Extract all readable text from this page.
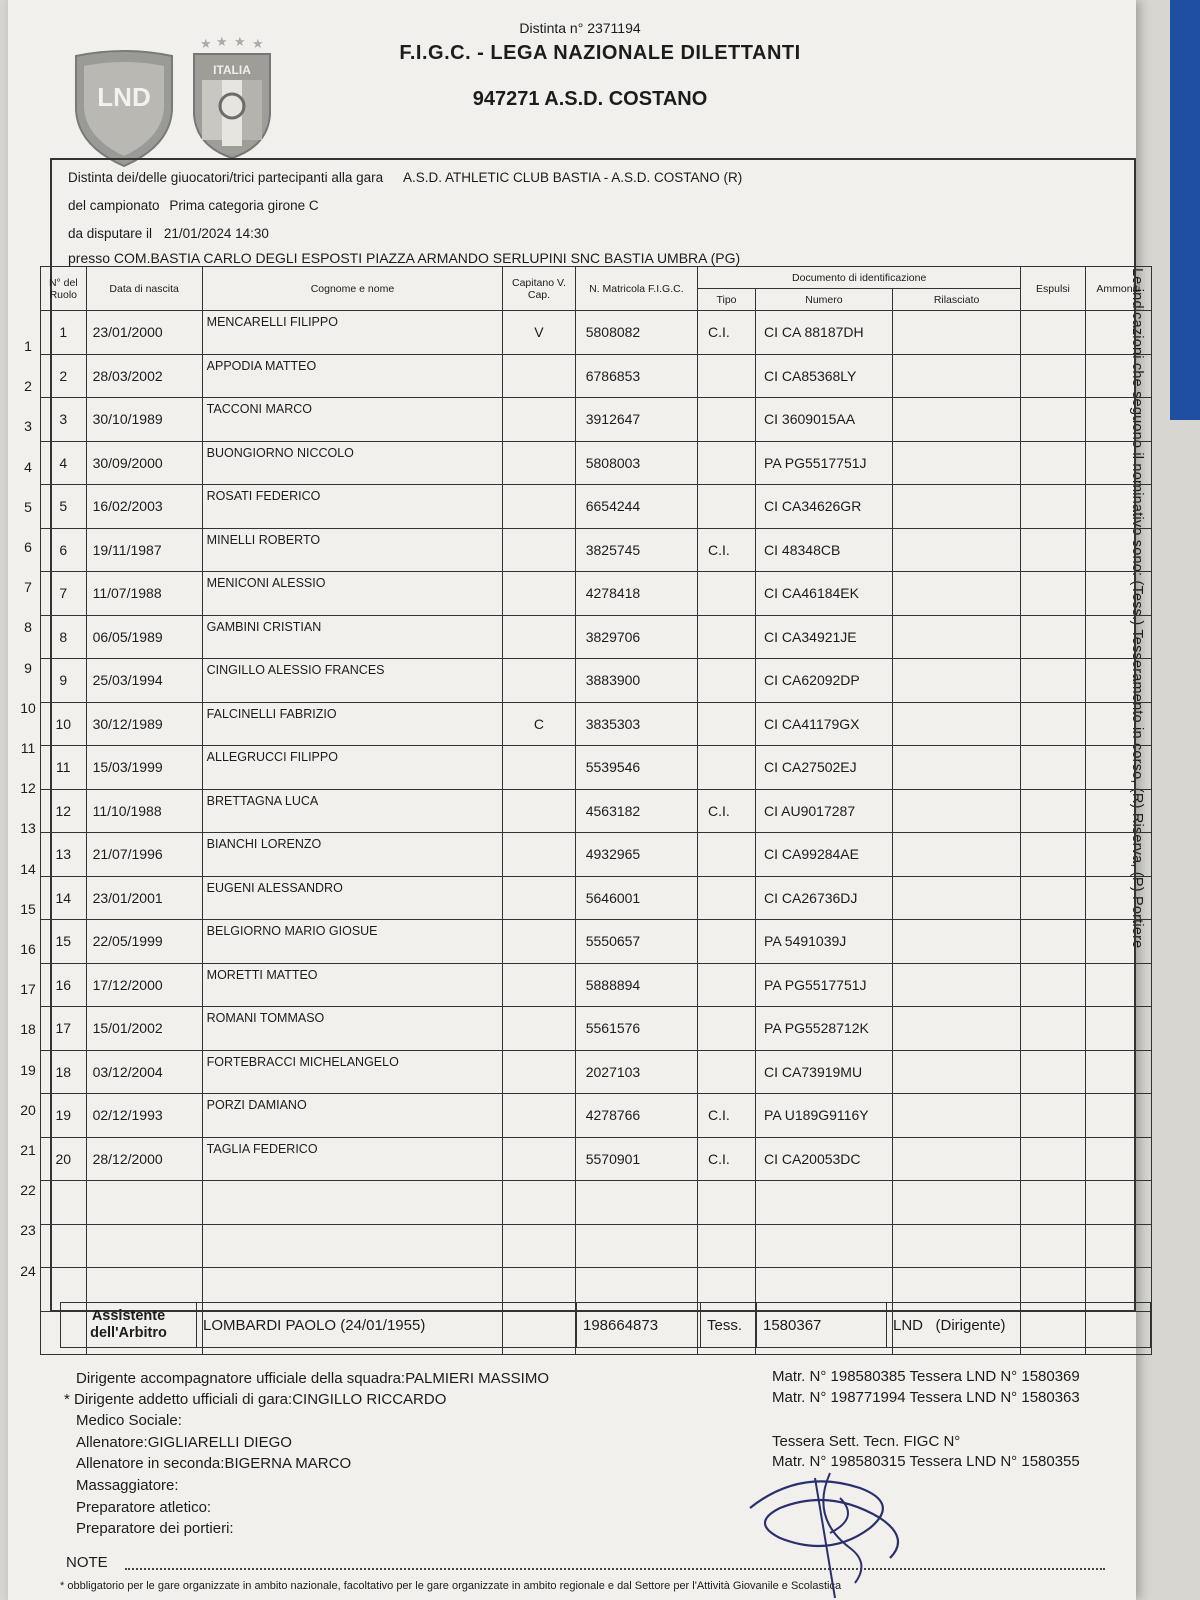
LND
★ ★ ★ ★
ITALIA
Distinta n° 2371194
F.I.G.C. - LEGA NAZIONALE DILETTANTI
947271 A.S.D. COSTANO
Le indicazioni che seguono il nominativo sono: (Tess.) Tesseramento in corso, (R) Riserva, (P) Portiere
Distinta dei/delle giuocatori/trici partecipanti alla gara A.S.D. ATHLETIC CLUB BASTIA - A.S.D. COSTANO (R)
del campionato Prima categoria girone C
da disputare il 21/01/2024 14:30
presso COM.BASTIA CARLO DEGLI ESPOSTI PIAZZA ARMANDO SERLUPINI SNC BASTIA UMBRA (PG)
N° del Ruolo	Data di nascita	Cognome e nome	Capitano V. Cap.	N. Matricola F.I.G.C.	Documento di identificazione			Espulsi	Ammoniti
					Tipo	Numero	Rilasciato		
1	23/01/2000	MENCARELLI FILIPPO	V	5808082	C.I.	CI CA 88187DH			
2	28/03/2002	APPODIA MATTEO		6786853		CI CA85368LY			
3	30/10/1989	TACCONI MARCO		3912647		CI 3609015AA			
4	30/09/2000	BUONGIORNO NICCOLO		5808003		PA PG5517751J			
5	16/02/2003	ROSATI FEDERICO		6654244		CI CA34626GR			
6	19/11/1987	MINELLI ROBERTO		3825745	C.I.	CI 48348CB			
7	11/07/1988	MENICONI ALESSIO		4278418		CI CA46184EK			
8	06/05/1989	GAMBINI CRISTIAN		3829706		CI CA34921JE			
9	25/03/1994	CINGILLO ALESSIO FRANCES		3883900		CI CA62092DP			
10	30/12/1989	FALCINELLI FABRIZIO	C	3835303		CI CA41179GX			
11	15/03/1999	ALLEGRUCCI FILIPPO		5539546		CI CA27502EJ			
12	11/10/1988	BRETTAGNA LUCA		4563182	C.I.	CI AU9017287			
13	21/07/1996	BIANCHI LORENZO		4932965		CI CA99284AE			
14	23/01/2001	EUGENI ALESSANDRO		5646001		CI CA26736DJ			
15	22/05/1999	BELGIORNO MARIO GIOSUE		5550657		PA 5491039J			
16	17/12/2000	MORETTI MATTEO		5888894		PA PG5517751J			
17	15/01/2002	ROMANI TOMMASO		5561576		PA PG5528712K			
18	03/12/2004	FORTEBRACCI MICHELANGELO		2027103		CI CA73919MU			
19	02/12/1993	PORZI DAMIANO		4278766	C.I.	PA U189G9116Y			
20	28/12/2000	TAGLIA FEDERICO		5570901	C.I.	CI CA20053DC			

1
2
3
4
5
6
7
8
9
10
11
12
13
14
15
16
17
18
19
20
21
22
23
24
Assistente dell'Arbitro	LOMBARDI PAOLO (24/01/1955)	198664873	Tess.	1580367	LND   (Dirigente)
Dirigente accompagnatore ufficiale della squadra:PALMIERI MASSIMO	Matr. N° 198580385 Tessera LND N° 1580369
* Dirigente addetto ufficiali di gara:CINGILLO RICCARDO	Matr. N° 198771994 Tessera LND N° 1580363
Medico Sociale:
Allenatore:GIGLIARELLI DIEGO	Tessera Sett. Tecn. FIGC N°
Allenatore in seconda:BIGERNA MARCO	Matr. N° 198580315 Tessera LND N° 1580355
Massaggiatore:
Preparatore atletico:
Preparatore dei portieri:
NOTE
* obbligatorio per le gare organizzate in ambito nazionale, facoltativo per le gare organizzate in ambito regionale e dal Settore per l'Attività Giovanile e Scolastica
